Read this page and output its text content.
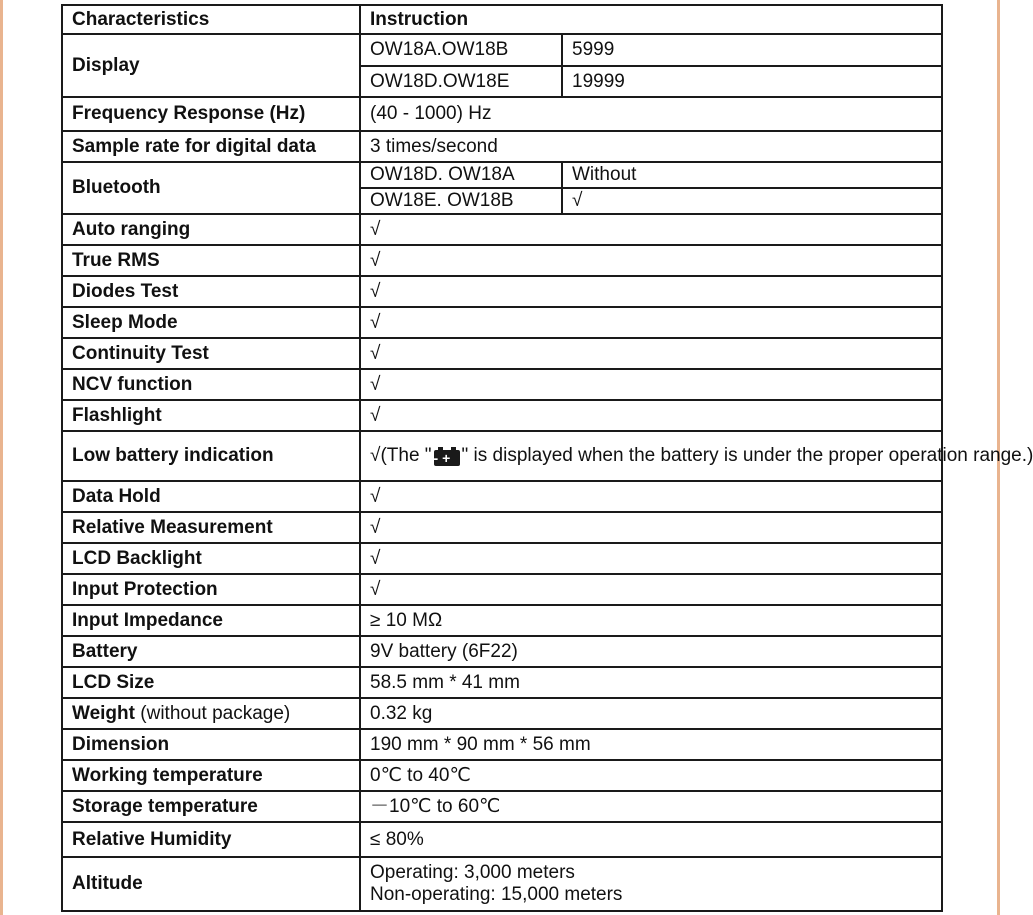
Characteristics	Instruction	
Display	OW18A.OW18B	5999
	OW18D.OW18E	19999
Frequency Response (Hz)	(40 - 1000) Hz	
Sample rate for digital data	3 times/second	
Bluetooth	OW18D. OW18A	Without
	OW18E. OW18B	√
Auto ranging	√	
True RMS	√	
Diodes Test	√	
Sleep Mode	√	
Continuity Test	√	
NCV function	√	
Flashlight	√	
Low battery indication	√(The " - + " is displayed when the battery is under the proper operation range.)	
Data Hold	√	
Relative Measurement	√	
LCD Backlight	√	
Input Protection	√	
Input Impedance	≥ 10 MΩ	
Battery	9V battery (6F22)	
LCD Size	58.5 mm * 41 mm	
Weight (without package)	0.32 kg	
Dimension	190 mm * 90 mm * 56 mm	
Working temperature	0℃ to 40℃	
Storage temperature	－10℃ to 60℃	
Relative Humidity	≤ 80%	
Altitude	Operating: 3,000 meters
Non-operating: 15,000 meters	
